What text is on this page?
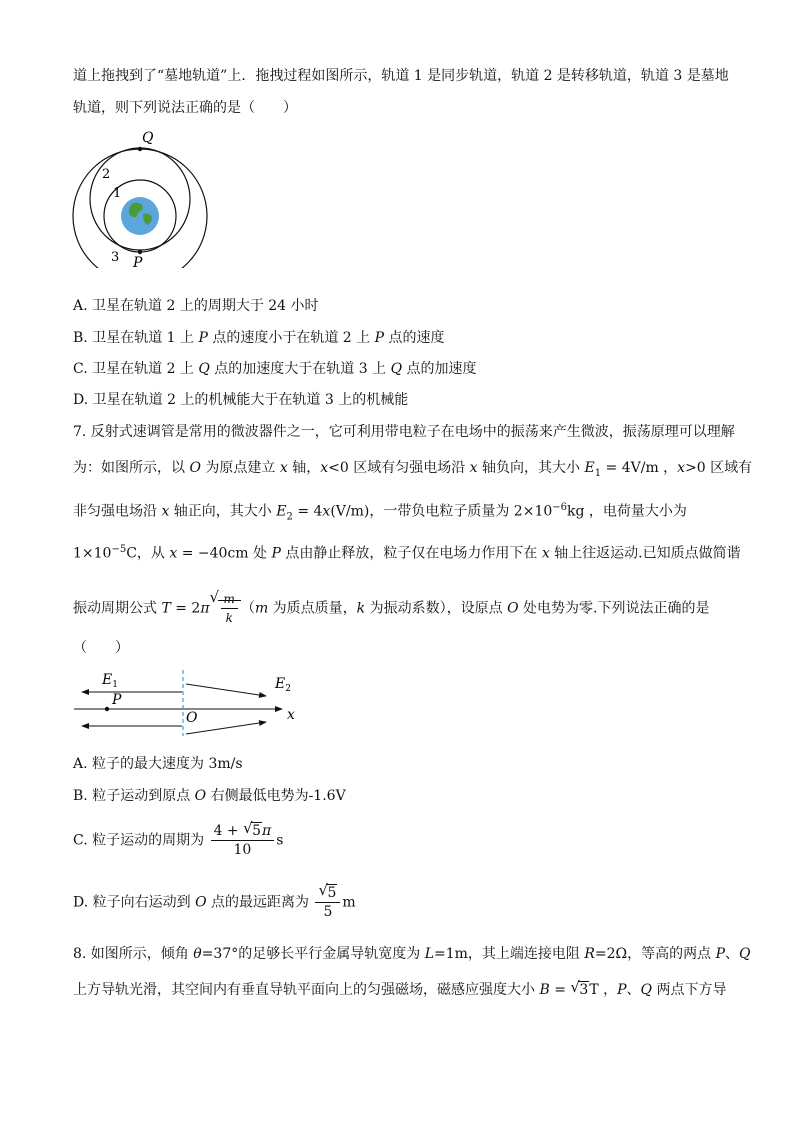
道上拖拽到了“墓地轨道”上．拖拽过程如图所示，轨道 1 是同步轨道，轨道 2 是转移轨道，轨道 3 是墓地
轨道，则下列说法正确的是（　　）
Q
P
2
1
3
A. 卫星在轨道 2 上的周期大于 24 小时
B. 卫星在轨道 1 上 P 点的速度小于在轨道 2 上 P 点的速度
C. 卫星在轨道 2 上 Q 点的加速度大于在轨道 3 上 Q 点的加速度
D. 卫星在轨道 2 上的机械能大于在轨道 3 上的机械能
7. 反射式速调管是常用的微波器件之一，它可利用带电粒子在电场中的振荡来产生微波，振荡原理可以理解
为：如图所示，以 O 为原点建立 x 轴，x<0 区域有匀强电场沿 x 轴负向，其大小 $E_1 = 4V/m$ ，x>0 区域有
非匀强电场沿 x 轴正向，其大小 $E_2 = 4x(V/m)$，一带负电粒子质量为 $2\times 10^{-6}kg$ ，电荷量大小为
$1\times 10^{-5}C$，从 x = −40cm 处 P 点由静止释放，粒子仅在电场力作用下在 x 轴上往返运动.已知质点做简谐
振动周期公式 T = 2π
√ $\frac{m}{k} (m$ 为质点质量，k 为振动系数），设原点 O 处电势为零.下列说法正确的是
（　　）
$E_1$	$E_2$
P
O	x
A. 粒子的最大速度为 3m/s
B. 粒子运动到原点 O 右侧最低电势为-1.6V
C. 粒子运动的周期为 $\frac{4 + √ 5\pi}{10}$ s
D. 粒子向右运动到 O 点的最远距离为 $\frac{√ 5}{5}$ m
8. 如图所示，倾角 θ=37°的足够长平行金属导轨宽度为 L=1m，其上端连接电阻 R=2Ω，等高的两点 P、Q
上方导轨光滑，其空间内有垂直导轨平面向上的匀强磁场，磁感应强度大小 B = √ 3T ，P、Q 两点下方导
